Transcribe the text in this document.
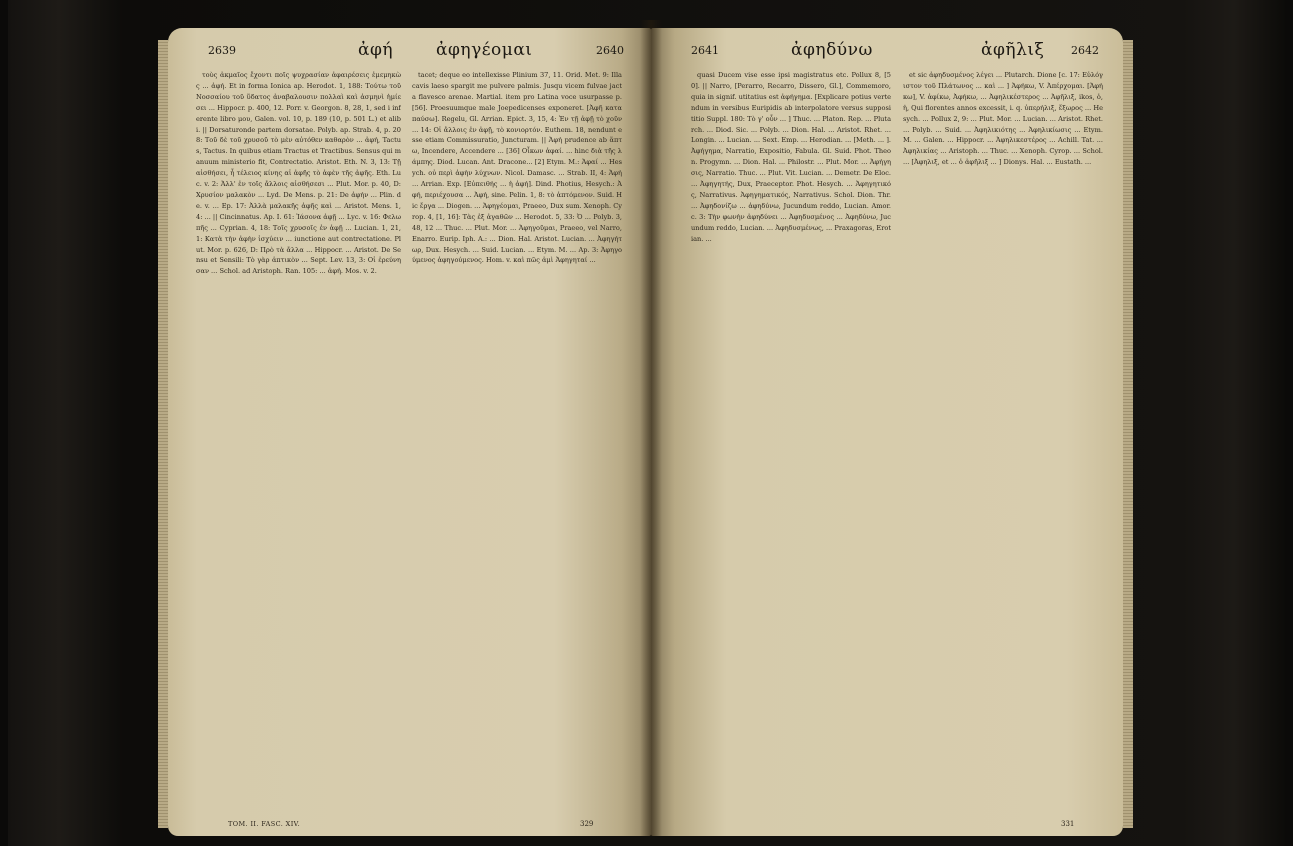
2639	ἀφή	ἀφηγέομαι	2640

τοὺς ἀκμαῖος ἔχοντι ποῖς ψυχρασίαν ἀφαιρέσεις ἐμεμηκὼς ... ἀφή. Et in forma Ionica ap. Herodot. 1, 188: Τούτω τοῦ Νοσσαίου τοῦ ὕδατος ἀναβαλουσιν πολλαὶ καὶ ἀσμηνὶ ἡμίεσει ... Hippocr. p. 400, 12. Porr. v. Georgon. 8, 28, 1, sed i inferente libro μου, Galen. vol. 10, p. 189 (10, p. 501 L.) et alibi. || Dorsaturonde partem dorsatae. Polyb. ap. Strab. 4, p. 208: Τοῦ δὲ τοῦ χρυσοῦ τὸ μὲν αὐτόθεν καθαρὸν ... ἀφή, Tactus, Tactus. In quibus etiam Tractus et Tractibus. Sensus qui manuum ministerio fit, Contrectatio. Aristot. Eth. N. 3, 13: Τῇ αἰσθήσει, ἧ τέλειος κίνης αἱ ἀφῆς τὸ ἀφὲν τῆς ἀφῆς. Eth. Luc. v. 2: Ἀλλ' ἐν τοῖς ἄλλοις αἰσθήσεσι ... Plut. Mor. p. 40, D: Χρυσίον μαλακὸν ... Lyd. De Mens. p. 21: De ἀφήν ... Plin. de. v. ... Ep. 17: Ἀλλὰ μαλακῆς ἁφῆς καὶ ... Aristot. Mens. 1, 4: ... || Cincinnatus. Ap. I. 61: Ἰάσονα ἁφῇ ... Lyc. v. 16: Φελωπῆς ... Cyprian. 4, 18: Τοῖς χρυσοῖς ἐν ἁφῇ ... Lucian. 1, 21, 1: Κατὰ τὴν ἀφὴν ἰσχύειν ... iunctione aut contrectatione. Plut. Mor. p. 626, D: Πρὸ τὰ ἄλλα ... Hippocr. ... Aristot. De Sensu et Sensili: Τὸ γὰρ ἁπτικὸν ... Sept. Lev. 13, 3: Οἱ ἐρεύνησαν ... Schol. ad Aristoph. Ran. 105: ... ἁφή. Mos. v. 2.

tacet; deque eo intellexisse Plinium 37, 11. Orid. Met. 9: Illa cavis laeso spargit me pulvere palmis. Jusqu vicem fulvae jacta flavesco arenae. Martial. item pro Latina voce usurpasse p. [56]. Proesuumque male Joepedicenses exponeret. [Ἀφῆ καταπαύσω]. Regelu, Gl. Arrian. Epict. 3, 15, 4: Ἐν τῇ ἀφῇ τὸ χοῦν ... 14: Οἱ ἄλλοις ἐν ἀφῇ, τὸ κονιορτόν. Euthem. 18, nendunt esse etiam Commissuratio, Juncturam. || Ἀφή prudence ab ἅπτω, Incendere, Accendere ... [36] Οἶκων ἀφαί. ... hinc διὰ τῆς λάμπης. Diod. Lucan. Ant. Dracone... [2] Etym. M.: Ἀφαί ... Hesych. οὐ περὶ ἀφὴν λύχνων. Nicol. Damasc. ... Strab. II, 4: Ἀφή ... Arrian. Exp. [Εὐπειθής ... ἡ ἀφή]. Dind. Photius, Hesych.: Ἀφή, περιέχουσα ... Ἀφή, sine. Pelin. 1, 8: τὸ ἁπτόμενον. Suid. Hic ἔργα ... Diogen. ... Ἀφηγέομαι, Praeeo, Dux sum. Xenoph. Cyrop. 4, [1, 16]: Τὰς ἐξ ἀγαθῶν ... Herodot. 5, 33: Ὁ ... Polyb. 3, 48, 12 ... Thuc. ... Plut. Mor. ... Ἀφηγοῦμαι, Praeeo, vel Narro, Enarro. Eurip. Iph. A.: ... Dion. Hal. Aristot. Lucian. ... Ἀφηγήτωρ, Dux. Hesych. ... Suid. Lucian. ... Etym. M. ... Ap. 3: Ἀφηγούμενος ἀφηγούμενος. Hom. v. καὶ πῶς ἀμὶ Ἀφηγηταί ...

TOM. II. FASC. XIV.	329
2641	ἀφηδύνω	ἀφῆλιξ 2642

quasi Ducem vise esse ipsi magistratus etc. Pollux 8, [50]. || Narro, [Perarro, Recarro, Dissero, Gl.], Commemoro, quia in signif. utitatius est ἀφήγημα. [Explicare potius vertendum in versibus Euripidis ab interpolatore versus supposititio Suppl. 180: Τὸ γ' οὖν ... ] Thuc. ... Platon. Rep. ... Plutarch. ... Diod. Sic. ... Polyb. ... Dion. Hal. ... Aristot. Rhet. ... Longin. ... Lucian. ... Sext. Emp. ... Herodian. ... [Μeth. ... ]. Ἀφήγημα, Narratio, Expositio, Fabula. Gl. Suid. Phot. Theon. Progymn. ... Dion. Hal. ... Philostr. ... Plut. Mor. ... Ἀφήγησις, Narratio. Thuc. ... Plut. Vit. Lucian. ... Demetr. De Eloc. ... Ἀφηγητής, Dux, Praeceptor. Phot. Hesych. ... Ἀφηγητικός, Narrativus. Ἀφηγηματικός, Narrativus. Schol. Dion. Thr. ... Ἀφηδονίζω ... ἀφηδύνω, Jucundum reddo, Lucian. Amor. c. 3: Τὴν φωνὴν ἀφηδύνει ... Ἀφηδυσμένος ... Ἀφηδύνω, Jucundum reddo, Lucian. ... Ἀφηδυσμένως, ... Praxagoras, Erotian. ...

et sic ἀφηδυσμένος λέγει ... Plutarch. Dione [c. 17: Εὐλόγιστον τοῦ Πλάτωνος ... καὶ ... ] Ἀφήκω, V. Ἀπέρχομαι. [Ἀφήκω], V. ἀφίκω, Ἀφήκω, ... Ἀφηλικέστερος ... Ἀφῆλιξ, ikos, ὁ, ἡ, Qui florentes annos excessit, i. q. ὑπερήλιξ, ἔξωρος ... Hesych. ... Pollux 2, 9: ... Plut. Mor. ... Lucian. ... Aristot. Rhet. ... Polyb. ... Suid. ... Ἀφηλικιότης ... Ἀφηλικίωσις ... Etym. M. ... Galen. ... Hippocr. ... Ἀφηλικεστέρος ... Achill. Tat. ... Ἀφηλικίας ... Aristoph. ... Thuc. ... Xenoph. Cyrop. ... Schol. ... [Ἀφηλιξ, et ... ὁ ἀφῆλιξ ... ] Dionys. Hal. ... Eustath. ...

331
